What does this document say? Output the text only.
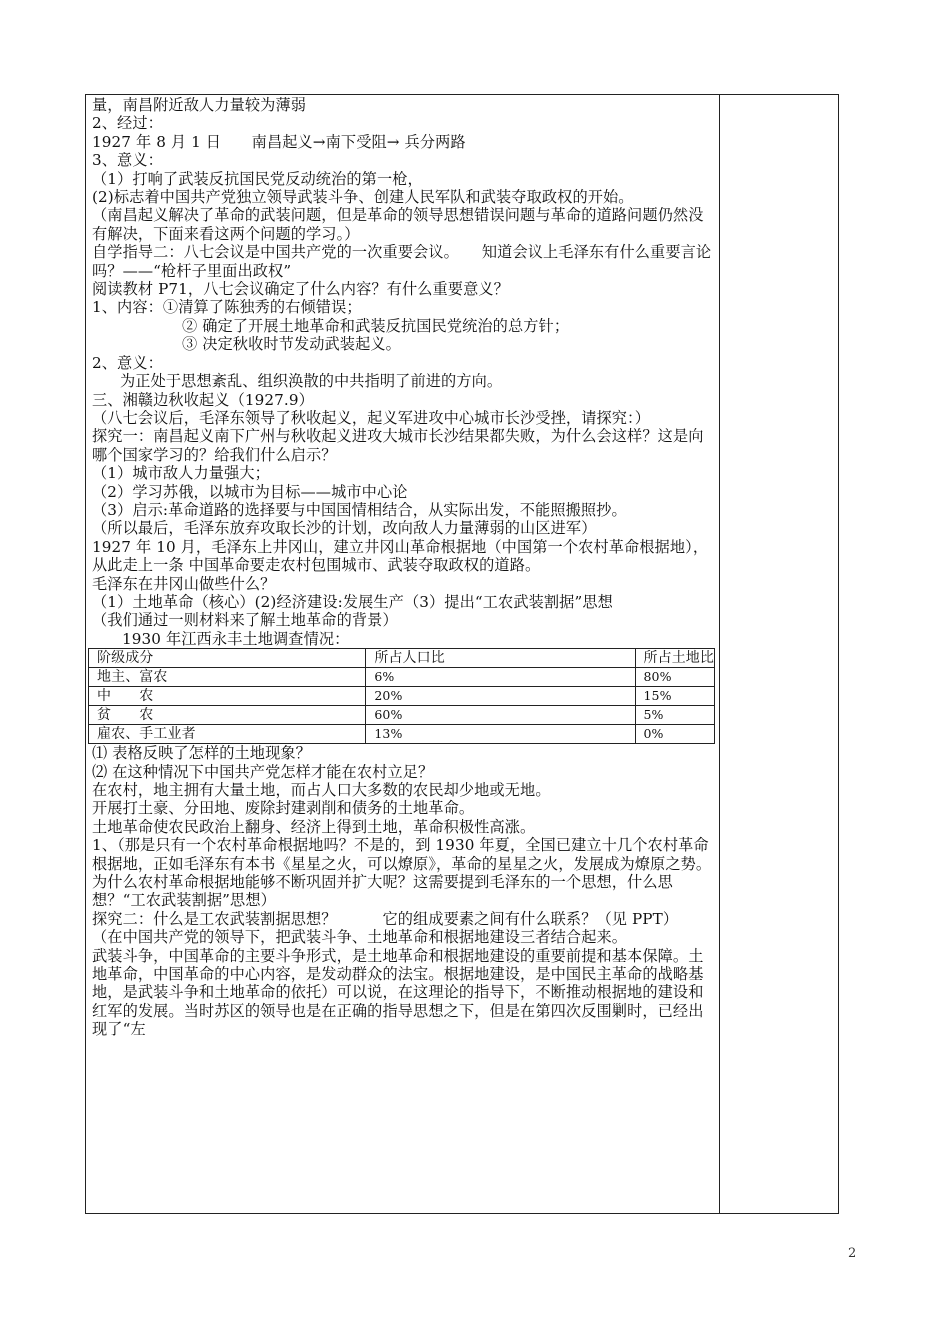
量，南昌附近敌人力量较为薄弱

2、经过：

1927 年 8 月 1 日　　南昌起义→南下受阻→ 兵分两路

3、意义：

（1）打响了武装反抗国民党反动统治的第一枪，

(2)标志着中国共产党独立领导武装斗争、创建人民军队和武装夺取政权的开始。

（南昌起义解决了革命的武装问题，但是革命的领导思想错误问题与革命的道路问题仍然没有解决，下面来看这两个问题的学习。）

自学指导二：八七会议是中国共产党的一次重要会议。　　知道会议上毛泽东有什么重要言论吗？——“枪杆子里面出政权”

阅读教材 P71，八七会议确定了什么内容？有什么重要意义？

1、内容：①清算了陈独秀的右倾错误；

② 确定了开展土地革命和武装反抗国民党统治的总方针；

③ 决定秋收时节发动武装起义。

2、意义：

为正处于思想紊乱、组织涣散的中共指明了前进的方向。

三、湘赣边秋收起义（1927.9）

（八七会议后，毛泽东领导了秋收起义，起义军进攻中心城市长沙受挫，请探究：）

探究一：南昌起义南下广州与秋收起义进攻大城市长沙结果都失败，为什么会这样？这是向哪个国家学习的？给我们什么启示？

（1）城市敌人力量强大；

（2）学习苏俄，以城市为目标——城市中心论

（3）启示:革命道路的选择要与中国国情相结合，从实际出发，不能照搬照抄。

（所以最后，毛泽东放弃攻取长沙的计划，改向敌人力量薄弱的山区进军）

1927 年 10 月，毛泽东上井冈山，建立井冈山革命根据地（中国第一个农村革命根据地），从此走上一条 中国革命要走农村包围城市、武装夺取政权的道路。

毛泽东在井冈山做些什么？

（1）土地革命（核心）(2)经济建设:发展生产（3）提出“工农武装割据”思想

（我们通过一则材料来了解土地革命的背景）

1930 年江西永丰土地调查情况：

阶级成分	所占人口比	所占土地比
地主、富农	6%	80%
中　　农	20%	15%
贫　　农	60%	5%
雇农、手工业者	13%	0%

⑴ 表格反映了怎样的土地现象？

⑵ 在这种情况下中国共产党怎样才能在农村立足？

在农村，地主拥有大量土地，而占人口大多数的农民却少地或无地。

开展打土豪、分田地、废除封建剥削和债务的土地革命。

土地革命使农民政治上翻身、经济上得到土地，革命积极性高涨。

1、（那是只有一个农村革命根据地吗？不是的，到 1930 年夏，全国已建立十几个农村革命根据地，正如毛泽东有本书《星星之火，可以燎原》，革命的星星之火，发展成为燎原之势。为什么农村革命根据地能够不断巩固并扩大呢？这需要提到毛泽东的一个思想，什么思想？“工农武装割据”思想）

探究二：什么是工农武装割据思想？　　　它的组成要素之间有什么联系？（见 PPT）

（在中国共产党的领导下，把武装斗争、土地革命和根据地建设三者结合起来。

武装斗争，中国革命的主要斗争形式，是土地革命和根据地建设的重要前提和基本保障。土地革命，中国革命的中心内容，是发动群众的法宝。根据地建设，是中国民主革命的战略基地，是武装斗争和土地革命的依托）可以说，在这理论的指导下，不断推动根据地的建设和红军的发展。当时苏区的领导也是在正确的指导思想之下，但是在第四次反围剿时，已经出现了“左

2
